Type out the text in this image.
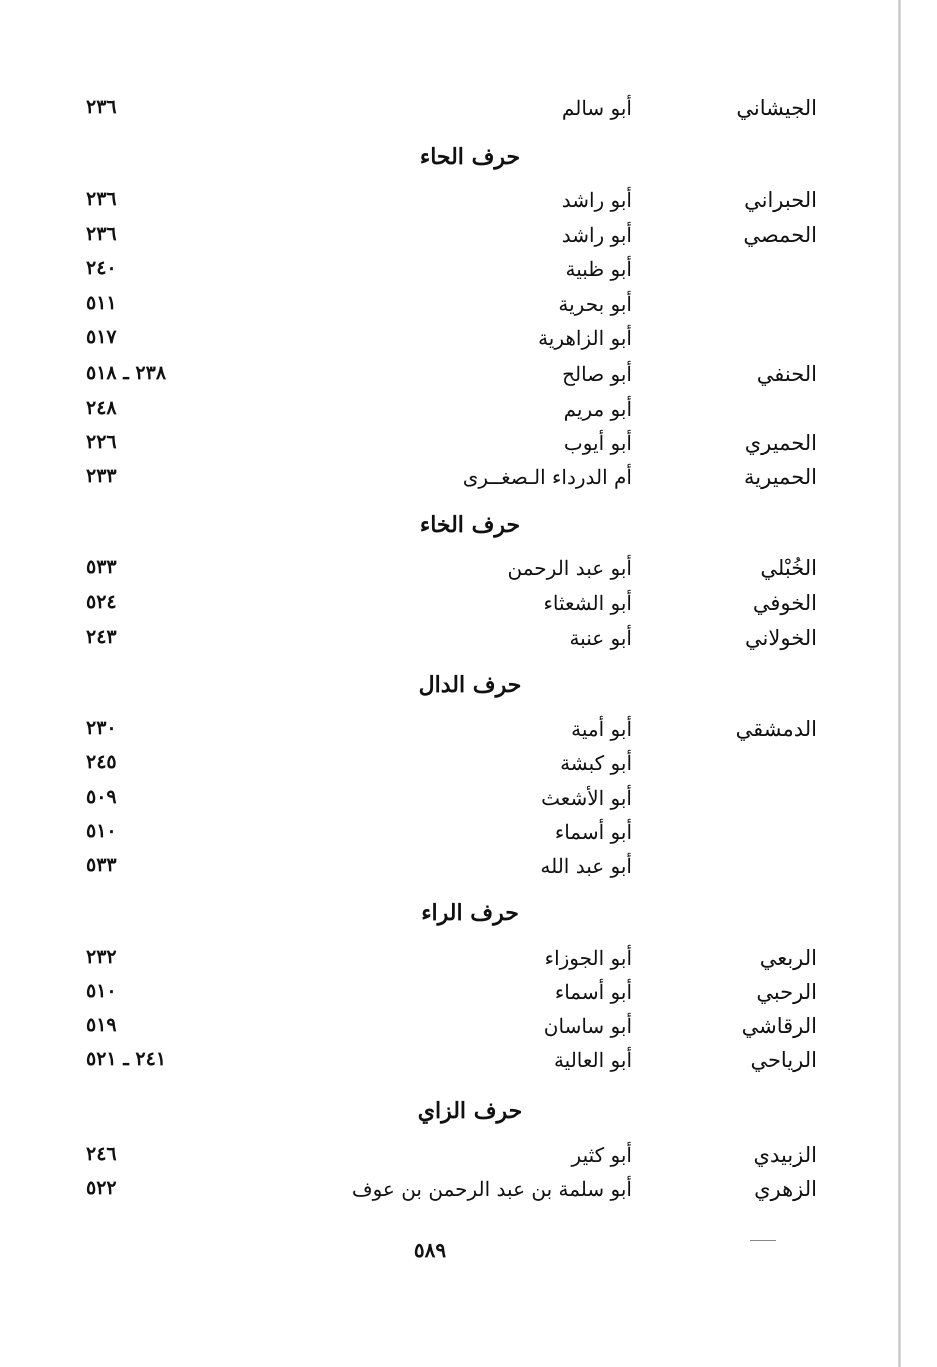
الجيشاني
أبو سالم
٢٣٦
حرف الحاء
الحبراني
أبو راشد
٢٣٦
الحمصي
أبو راشد
٢٣٦
أبو ظبية
٢٤٠
أبو بحرية
٥١١
أبو الزاهرية
٥١٧
الحنفي
أبو صالح
٢٣٨ ـ ٥١٨
أبو مريم
٢٤٨
الحميري
أبو أيوب
٢٢٦
الحميرية
أم الدرداء الـصغــرى
٢٣٣
حرف الخاء
الخُبْلي
أبو عبد الرحمن
٥٣٣
الخوفي
أبو الشعثاء
٥٢٤
الخولاني
أبو عنبة
٢٤٣
حرف الدال
الدمشقي
أبو أمية
٢٣٠
أبو كبشة
٢٤٥
أبو الأشعث
٥٠٩
أبو أسماء
٥١٠
أبو عبد الله
٥٣٣
حرف الراء
الربعي
أبو الجوزاء
٢٣٢
الرحبي
أبو أسماء
٥١٠
الرقاشي
أبو ساسان
٥١٩
الرياحي
أبو العالية
٢٤١ ـ ٥٢١
حرف الزاي
الزبيدي
أبو كثير
٢٤٦
الزهري
أبو سلمة بن عبد الرحمن بن عوف
٥٢٢
٥٨٩
